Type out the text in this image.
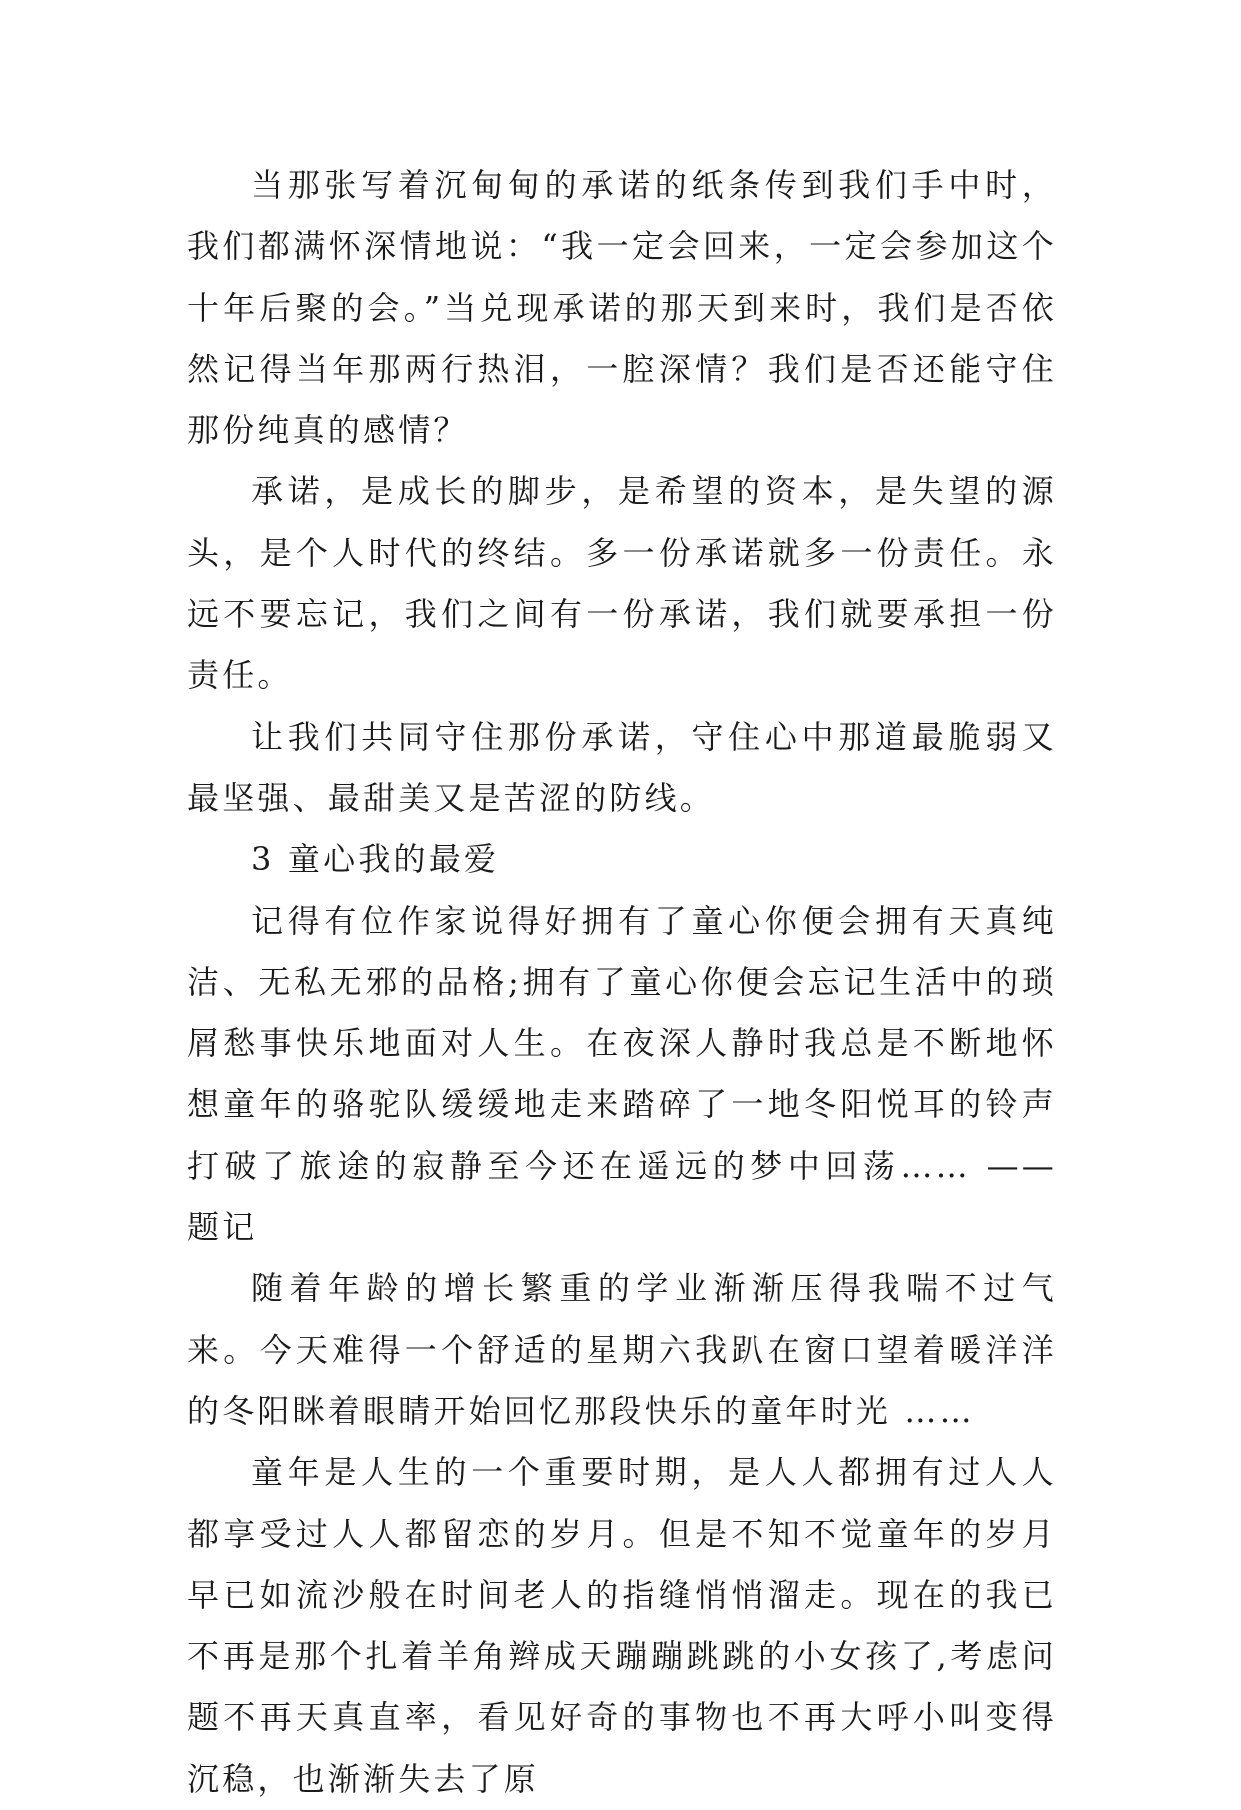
当那张写着沉甸甸的承诺的纸条传到我们手中时，我们都满怀深情地说：“我一定会回来，一定会参加这个十年后聚的会。”当兑现承诺的那天到来时，我们是否依然记得当年那两行热泪，一腔深情？我们是否还能守住那份纯真的感情？

承诺，是成长的脚步，是希望的资本，是失望的源头，是个人时代的终结。多一份承诺就多一份责任。永远不要忘记，我们之间有一份承诺，我们就要承担一份责任。

让我们共同守住那份承诺，守住心中那道最脆弱又最坚强、最甜美又是苦涩的防线。

3 童心我的最爱

记得有位作家说得好拥有了童心你便会拥有天真纯洁、无私无邪的品格;拥有了童心你便会忘记生活中的琐屑愁事快乐地面对人生。在夜深人静时我总是不断地怀想童年的骆驼队缓缓地走来踏碎了一地冬阳悦耳的铃声打破了旅途的寂静至今还在遥远的梦中回荡…… —— 题记

随着年龄的增长繁重的学业渐渐压得我喘不过气来。今天难得一个舒适的星期六我趴在窗口望着暖洋洋的冬阳眯着眼睛开始回忆那段快乐的童年时光 ……

童年是人生的一个重要时期，是人人都拥有过人人都享受过人人都留恋的岁月。但是不知不觉童年的岁月早已如流沙般在时间老人的指缝悄悄溜走。现在的我已不再是那个扎着羊角辫成天蹦蹦跳跳的小女孩了,考虑问题不再天真直率，看见好奇的事物也不再大呼小叫变得沉稳，也渐渐失去了原
